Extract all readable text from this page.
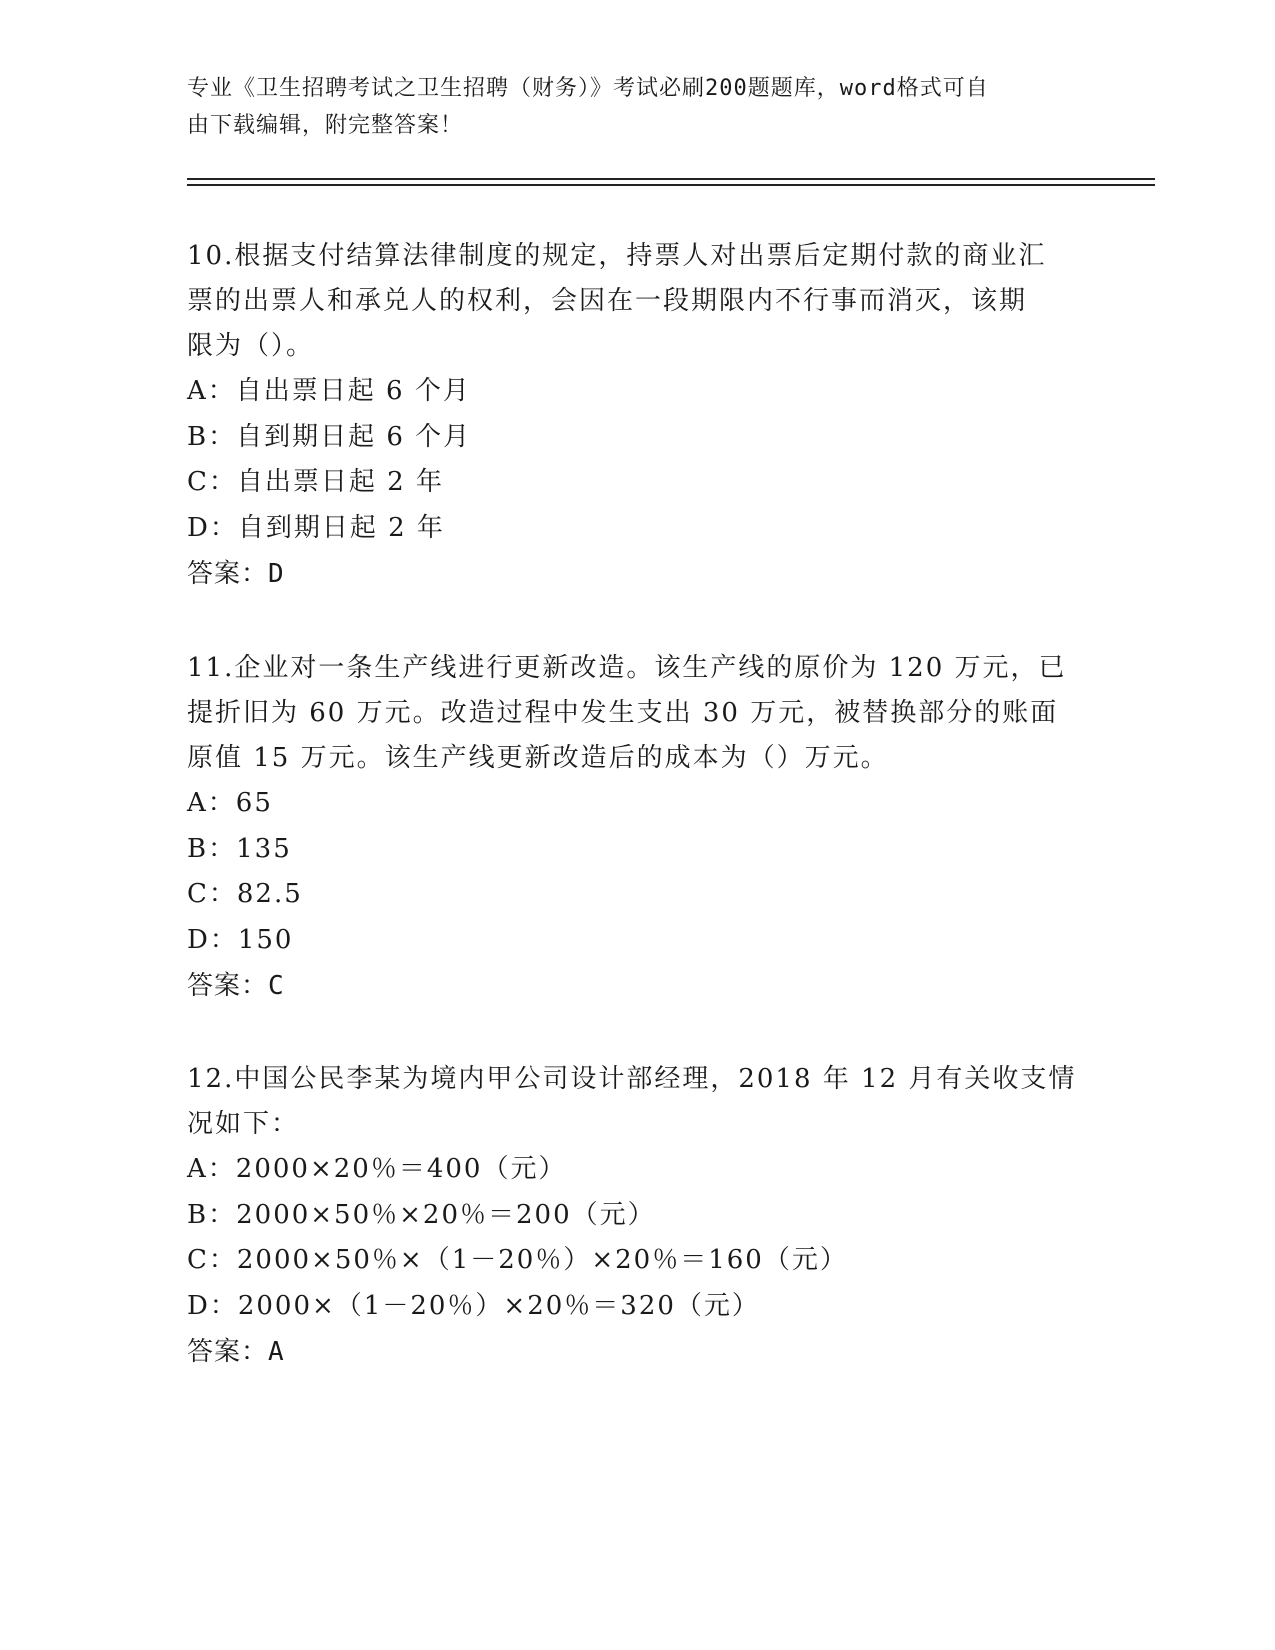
专业《卫生招聘考试之卫生招聘（财务）》考试必刷200题题库，word格式可自
由下载编辑，附完整答案！

10.根据支付结算法律制度的规定，持票人对出票后定期付款的商业汇

票的出票人和承兑人的权利，会因在一段期限内不行事而消灭，该期

限为（）。

A：自出票日起 6 个月

B：自到期日起 6 个月

C：自出票日起 2 年

D：自到期日起 2 年

答案：D

11.企业对一条生产线进行更新改造。该生产线的原价为 120 万元，已

提折旧为 60 万元。改造过程中发生支出 30 万元，被替换部分的账面

原值 15 万元。该生产线更新改造后的成本为（）万元。

A：65

B：135

C：82.5

D：150

答案：C

12.中国公民李某为境内甲公司设计部经理，2018 年 12 月有关收支情

况如下：

A：2000×20％＝400（元）

B：2000×50％×20％＝200（元）

C：2000×50％×（1－20％）×20％＝160（元）

D：2000×（1－20％）×20％＝320（元）

答案：A
